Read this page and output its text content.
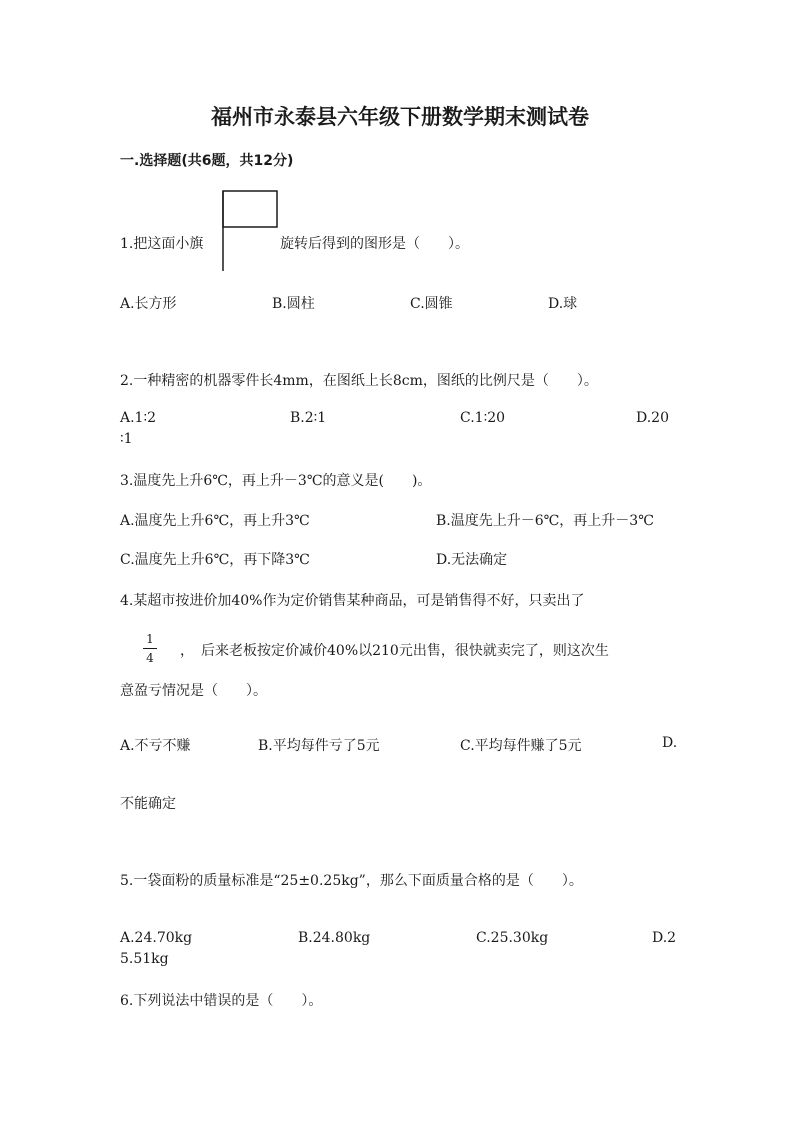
福州市永泰县六年级下册数学期末测试卷
一.选择题(共6题，共12分)
1.把这面小旗	旋转后得到的图形是（　　）。
A.长方形	B.圆柱	C.圆锥	D.球
2.一种精密的机器零件长4mm，在图纸上长8cm，图纸的比例尺是（　　）。
A.1∶2	B.2∶1	C.1∶20	D.20
∶1
3.温度先上升6℃，再上升－3℃的意义是(　　)。
A.温度先上升6℃，再上升3℃	B.温度先上升－6℃，再上升－3℃
C.温度先上升6℃，再下降3℃	D.无法确定
4.某超市按进价加40%作为定价销售某种商品，可是销售得不好，只卖出了
1
4 ，　后来老板按定价减价40%以210元出售，很快就卖完了，则这次生
意盈亏情况是（　　）。
A.不亏不赚	B.平均每件亏了5元	C.平均每件赚了5元	D.
不能确定
5.一袋面粉的质量标准是“25±0.25kg”，那么下面质量合格的是（　　）。
A.24.70kg	B.24.80kg	C.25.30kg	D.2
5.51kg
6.下列说法中错误的是（　　）。
